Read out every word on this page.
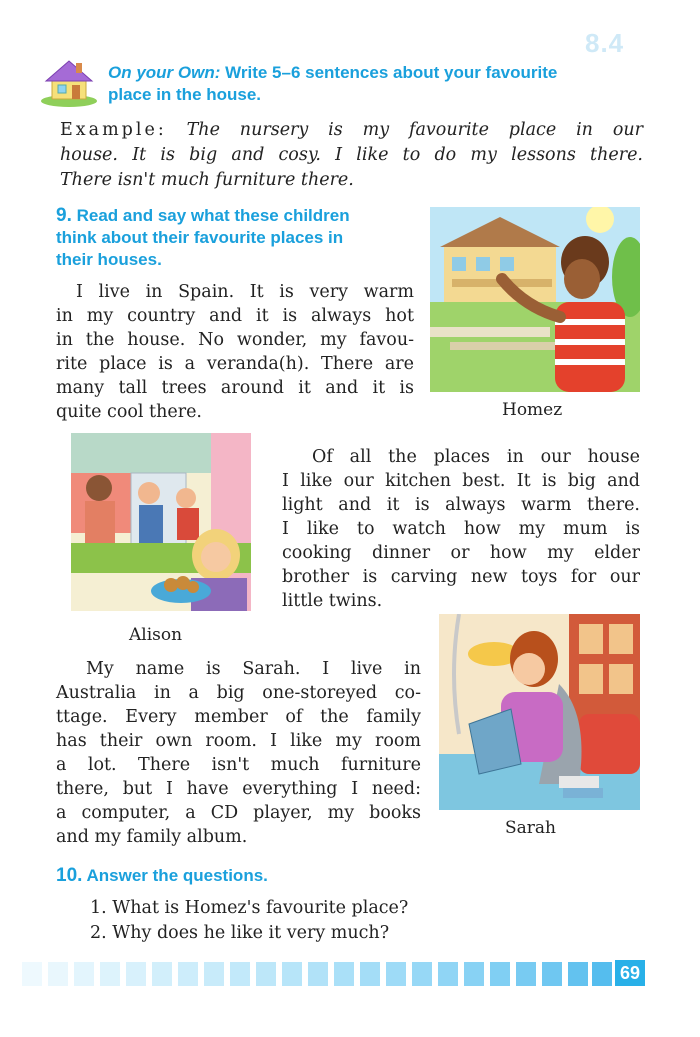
8.4
On your Own: Write 5–6 sentences about your favourite
place in the house.
Example: The nursery is my favourite place in our
house. It is big and cosy. I like to do my lessons there.
There isn't much furniture there.
9. Read and say what these children
think about their favourite places in
their houses.
I live in Spain. It is very warm
in my country and it is always hot
in the house. No wonder, my favou-
rite place is a veranda(h). There are
many tall trees around it and it is
quite cool there.	Homez
Alison
Of all the places in our house
I like our kitchen best. It is big and
light and it is always warm there.
I like to watch how my mum is
cooking dinner or how my elder
brother is carving new toys for our
little twins.
My name is Sarah. I live in
Australia in a big one-storeyed co-
ttage. Every member of the family
has their own room. I like my room
a lot. There isn't much furniture
there, but I have everything I need:
a computer, a CD player, my books
and my family album.	Sarah
10. Answer the questions.
1. What is Homez's favourite place?
2. Why does he like it very much?
69
